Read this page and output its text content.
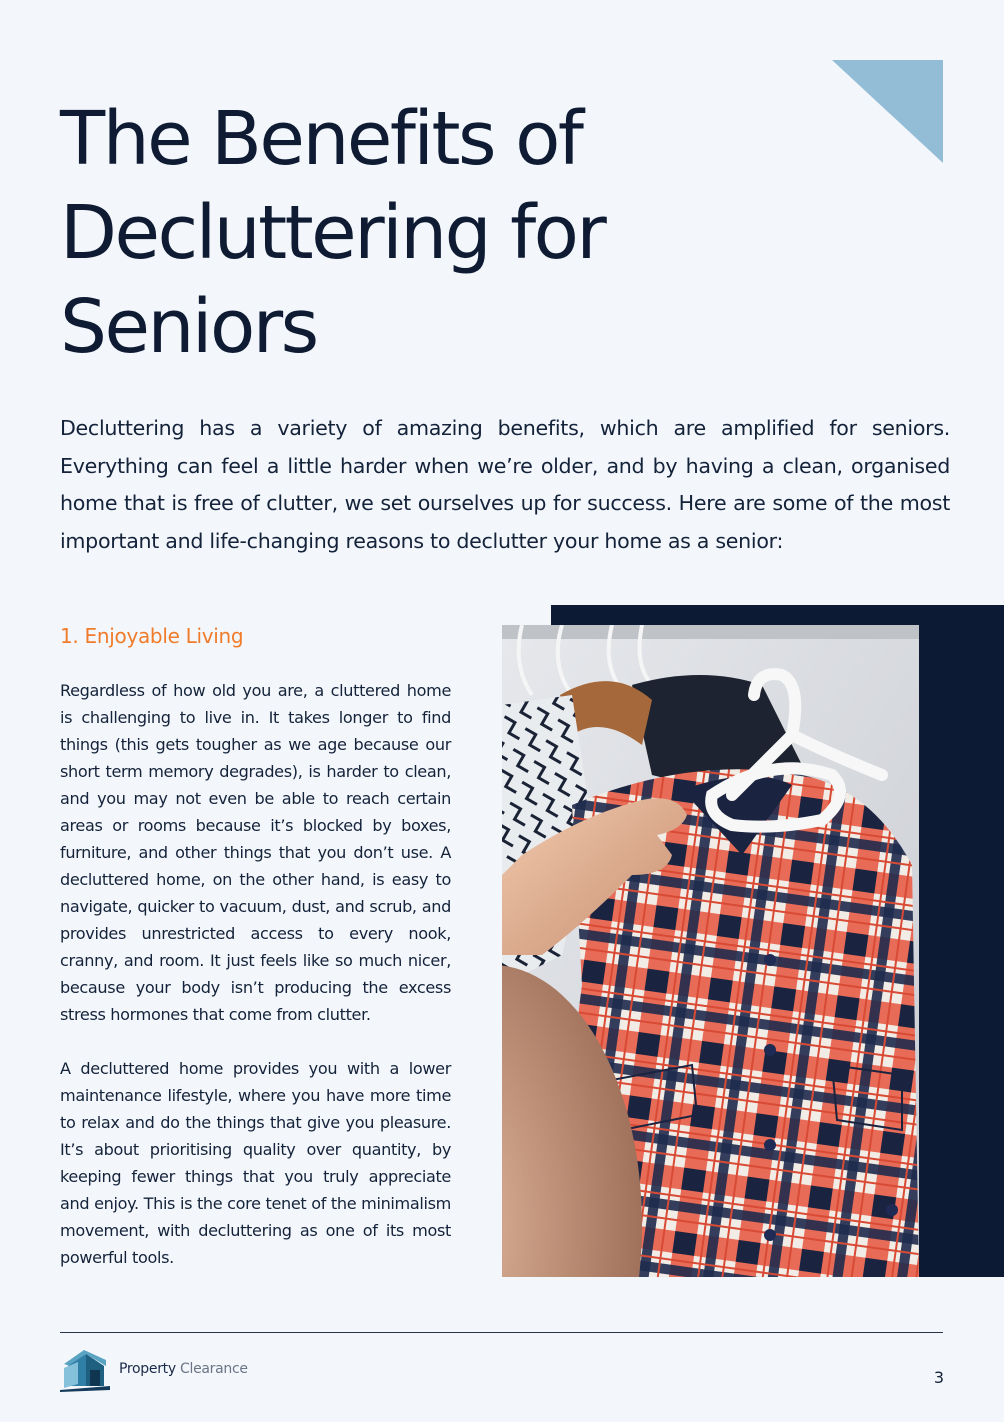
The Benefits of
Decluttering for
Seniors

Decluttering has a variety of amazing benefits, which are amplified for seniors. Everything can feel a little harder when we’re older, and by having a clean, organised home that is free of clutter, we set ourselves up for success. Here are some of the most important and life-changing reasons to declutter your home as a senior:

1. Enjoyable Living

Regardless of how old you are, a cluttered home is challenging to live in. It takes longer to find things (this gets tougher as we age because our short term memory degrades), is harder to clean, and you may not even be able to reach certain areas or rooms because it’s blocked by boxes, furniture, and other things that you don’t use. A decluttered home, on the other hand, is easy to navigate, quicker to vacuum, dust, and scrub, and provides unrestricted access to every nook, cranny, and room. It just feels like so much nicer, because your body isn’t producing the excess stress hormones that come from clutter.

A decluttered home provides you with a lower maintenance lifestyle, where you have more time to relax and do the things that give you pleasure. It’s about prioritising quality over quantity, by keeping fewer things that you truly appreciate and enjoy. This is the core tenet of the minimalism movement, with decluttering as one of its most powerful tools.

Property Clearance	3
